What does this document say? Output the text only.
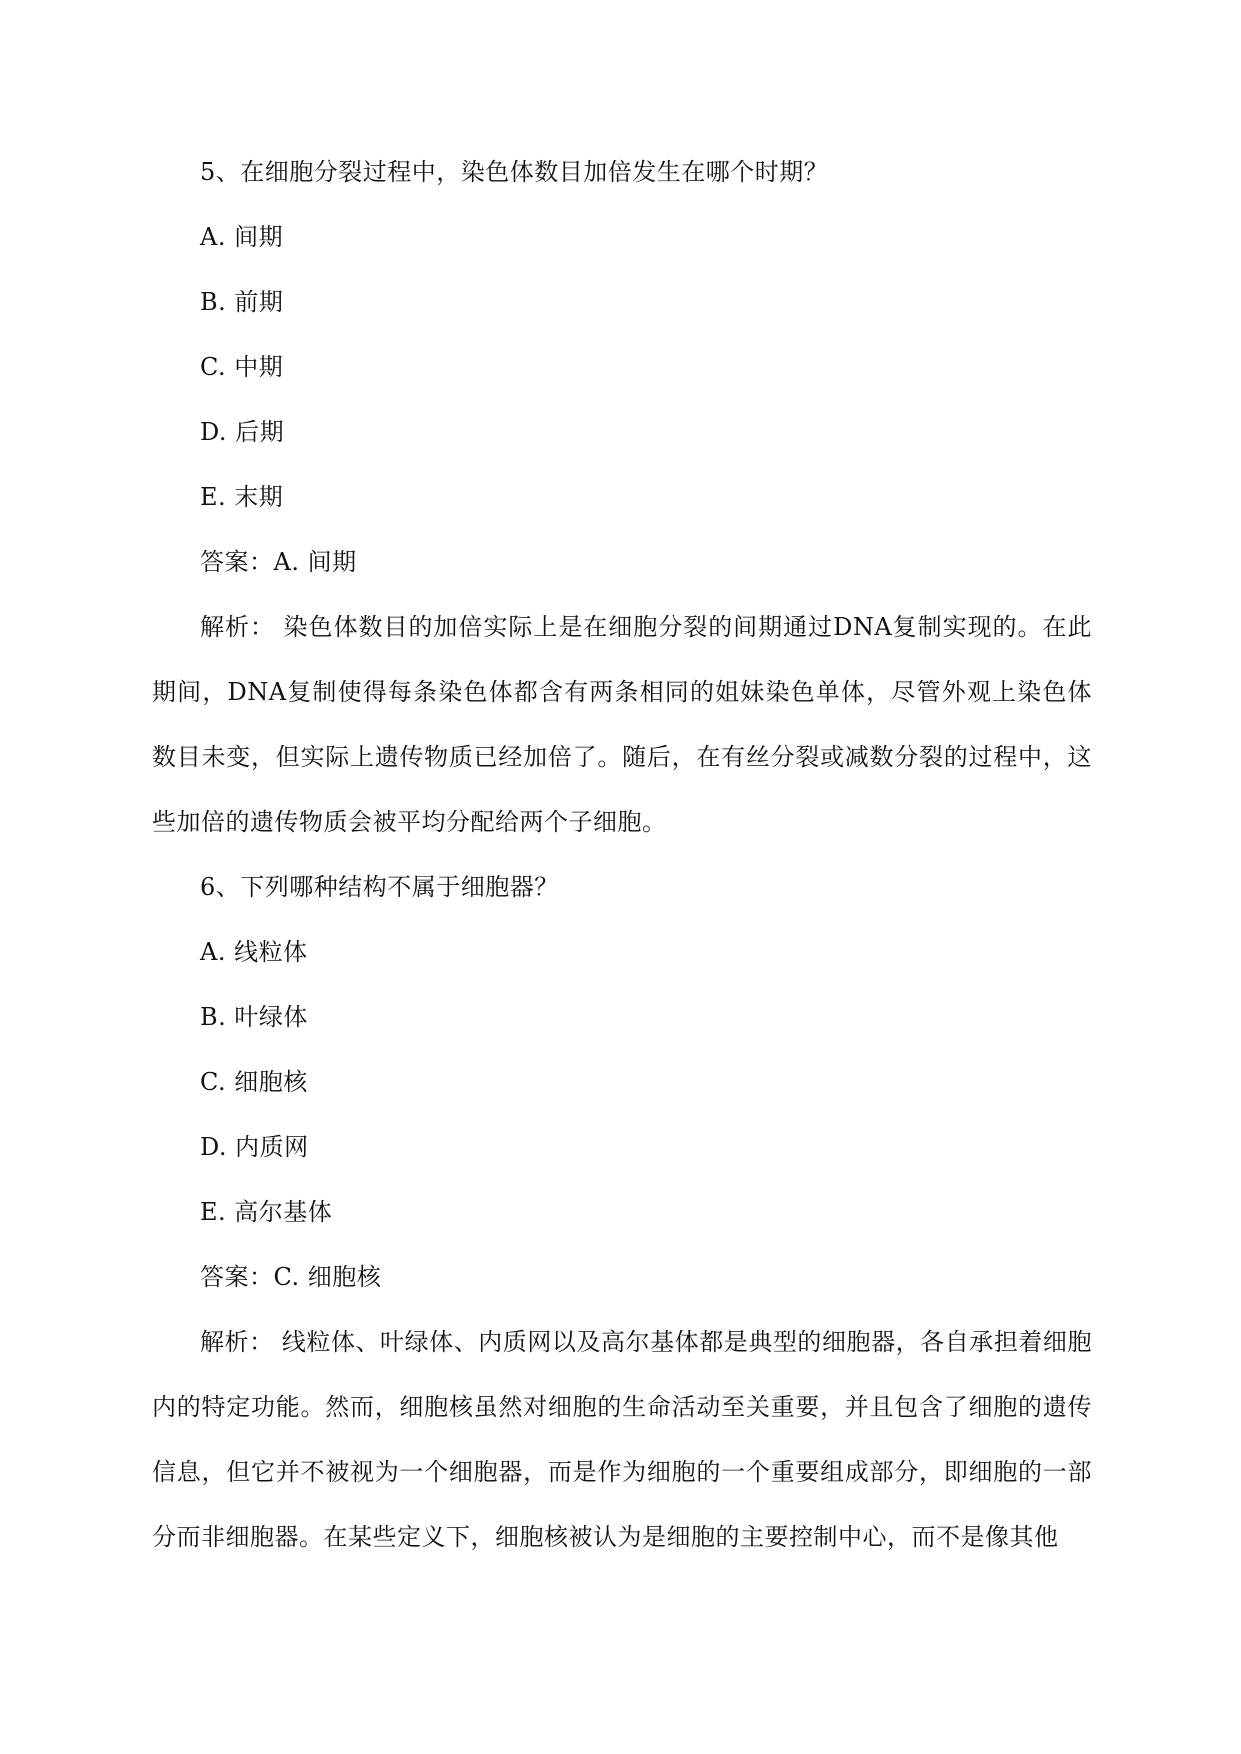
5、在细胞分裂过程中，染色体数目加倍发生在哪个时期？
A. 间期
B. 前期
C. 中期
D. 后期
E. 末期
答案：A. 间期

解析： 染色体数目的加倍实际上是在细胞分裂的间期通过DNA复制实现的。在此期间，DNA复制使得每条染色体都含有两条相同的姐妹染色单体，尽管外观上染色体数目未变，但实际上遗传物质已经加倍了。随后，在有丝分裂或减数分裂的过程中，这些加倍的遗传物质会被平均分配给两个子细胞。

6、下列哪种结构不属于细胞器？
A. 线粒体
B. 叶绿体
C. 细胞核
D. 内质网
E. 高尔基体
答案：C. 细胞核

解析： 线粒体、叶绿体、内质网以及高尔基体都是典型的细胞器，各自承担着细胞内的特定功能。然而，细胞核虽然对细胞的生命活动至关重要，并且包含了细胞的遗传信息，但它并不被视为一个细胞器，而是作为细胞的一个重要组成部分，即细胞的一部分而非细胞器。在某些定义下，细胞核被认为是细胞的主要控制中心，而不是像其他
